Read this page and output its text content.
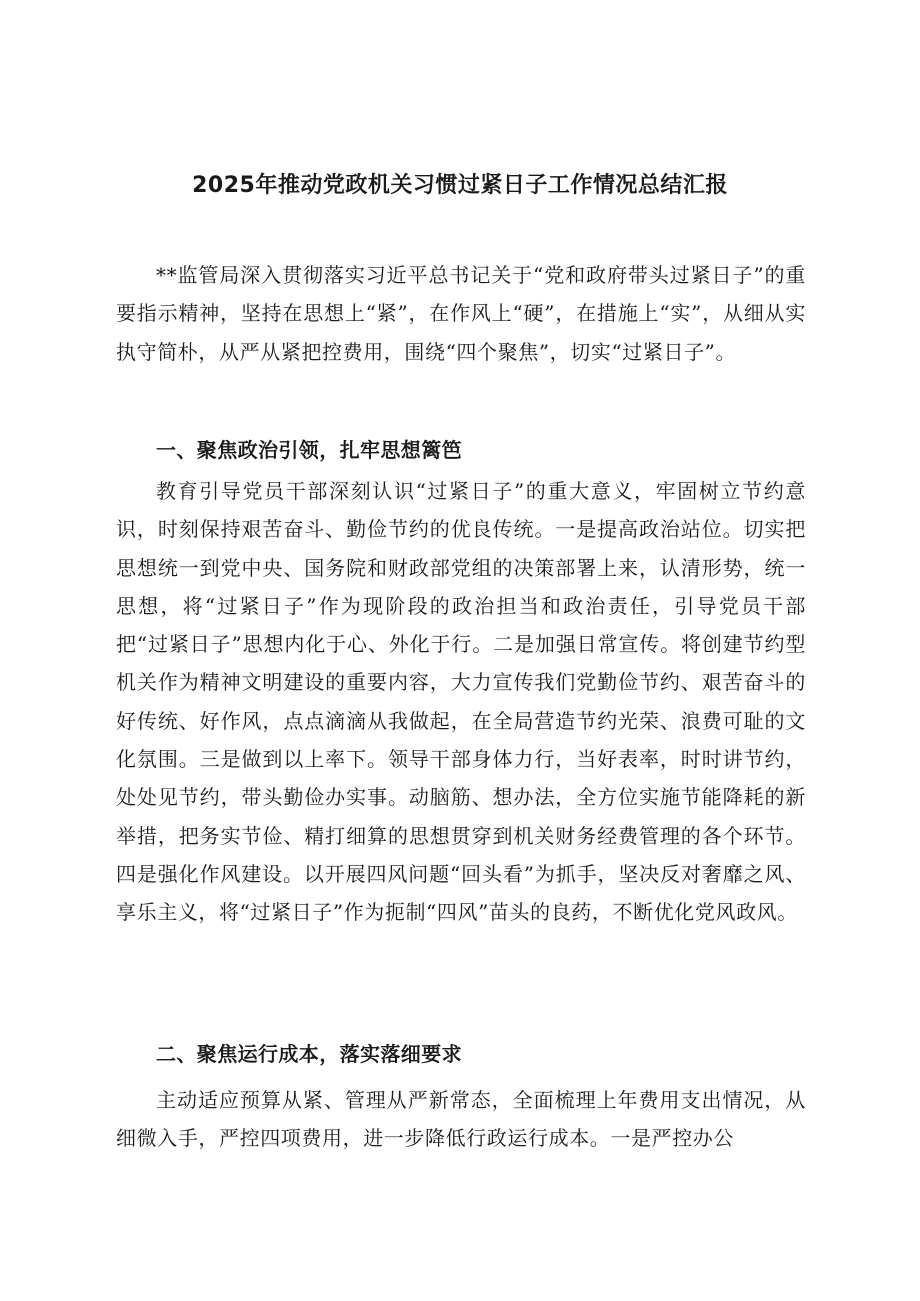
2025年推动党政机关习惯过紧日子工作情况总结汇报

**监管局深入贯彻落实习近平总书记关于“党和政府带头过紧日子”的重要指示精神，坚持在思想上“紧”，在作风上“硬”，在措施上“实”，从细从实执守简朴，从严从紧把控费用，围绕“四个聚焦”，切实“过紧日子”。

一、聚焦政治引领，扎牢思想篱笆

教育引导党员干部深刻认识“过紧日子”的重大意义，牢固树立节约意识，时刻保持艰苦奋斗、勤俭节约的优良传统。一是提高政治站位。切实把思想统一到党中央、国务院和财政部党组的决策部署上来，认清形势，统一思想，将“过紧日子”作为现阶段的政治担当和政治责任，引导党员干部把“过紧日子”思想内化于心、外化于行。二是加强日常宣传。将创建节约型机关作为精神文明建设的重要内容，大力宣传我们党勤俭节约、艰苦奋斗的好传统、好作风，点点滴滴从我做起，在全局营造节约光荣、浪费可耻的文化氛围。三是做到以上率下。领导干部身体力行，当好表率，时时讲节约，处处见节约，带头勤俭办实事。动脑筋、想办法，全方位实施节能降耗的新举措，把务实节俭、精打细算的思想贯穿到机关财务经费管理的各个环节。四是强化作风建设。以开展四风问题“回头看”为抓手，坚决反对奢靡之风、享乐主义，将“过紧日子”作为扼制“四风”苗头的良药，不断优化党风政风。

二、聚焦运行成本，落实落细要求

主动适应预算从紧、管理从严新常态，全面梳理上年费用支出情况，从细微入手，严控四项费用，进一步降低行政运行成本。一是严控办公
